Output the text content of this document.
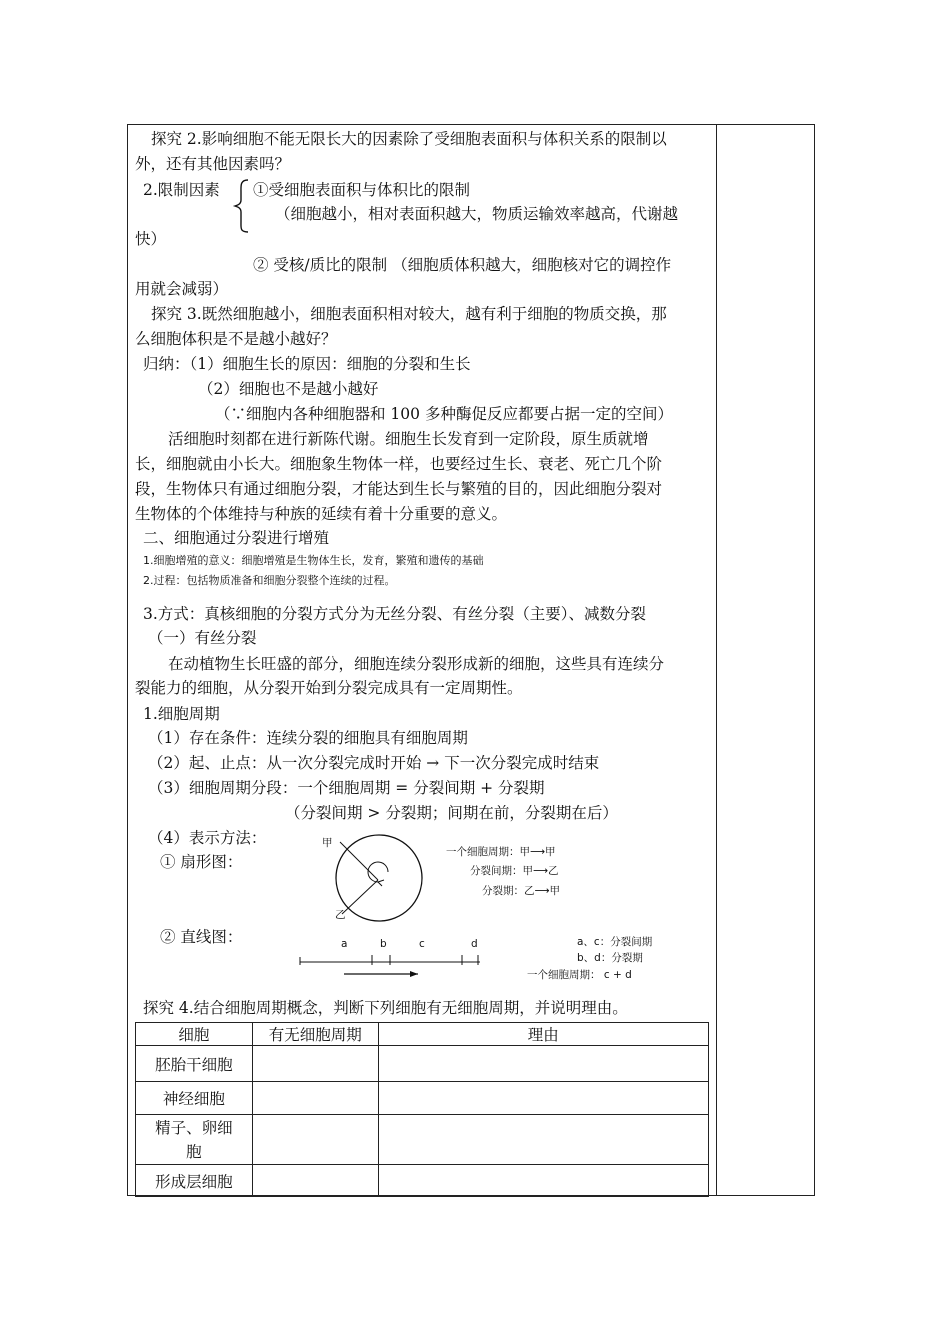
探究 2.影响细胞不能无限长大的因素除了受细胞表面积与体积关系的限制以
外，还有其他因素吗？
2.限制因素 ①受细胞表面积与体积比的限制
（细胞越小，相对表面积越大，物质运输效率越高，代谢越
快）
② 受核/质比的限制 （细胞质体积越大，细胞核对它的调控作
用就会减弱）
探究 3.既然细胞越小，细胞表面积相对较大，越有利于细胞的物质交换，那
么细胞体积是不是越小越好？
归纳：（1）细胞生长的原因：细胞的分裂和生长
（2）细胞也不是越小越好
（∵细胞内各种细胞器和 100 多种酶促反应都要占据一定的空间）
活细胞时刻都在进行新陈代谢。细胞生长发育到一定阶段，原生质就增
长，细胞就由小长大。细胞象生物体一样，也要经过生长、衰老、死亡几个阶
段，生物体只有通过细胞分裂，才能达到生长与繁殖的目的，因此细胞分裂对
生物体的个体维持与种族的延续有着十分重要的意义。
二、细胞通过分裂进行增殖
1.细胞增殖的意义：细胞增殖是生物体生长，发育，繁殖和遗传的基础
2.过程：包括物质准备和细胞分裂整个连续的过程。
3.方式：真核细胞的分裂方式分为无丝分裂、有丝分裂（主要）、减数分裂
（一）有丝分裂
在动植物生长旺盛的部分，细胞连续分裂形成新的细胞，这些具有连续分
裂能力的细胞，从分裂开始到分裂完成具有一定周期性。
1.细胞周期
（1）存在条件：连续分裂的细胞具有细胞周期
（2）起、止点：从一次分裂完成时开始 → 下一次分裂完成时结束
（3）细胞周期分段：一个细胞周期 = 分裂间期 + 分裂期
（分裂间期 > 分裂期；间期在前，分裂期在后）
（4）表示方法：
① 扇形图：
② 直线图：
甲
乙
一个细胞周期：甲⟶甲
分裂间期：甲⟶乙
分裂期：乙⟶甲
a	b	c	d	a、c：分裂间期
b、d：分裂期
一个细胞周期： c + d
探究 4.结合细胞周期概念，判断下列细胞有无细胞周期，并说明理由。
细胞	有无细胞周期	理由
胚胎干细胞		
神经细胞		
精子、卵细胞		
形成层细胞		
